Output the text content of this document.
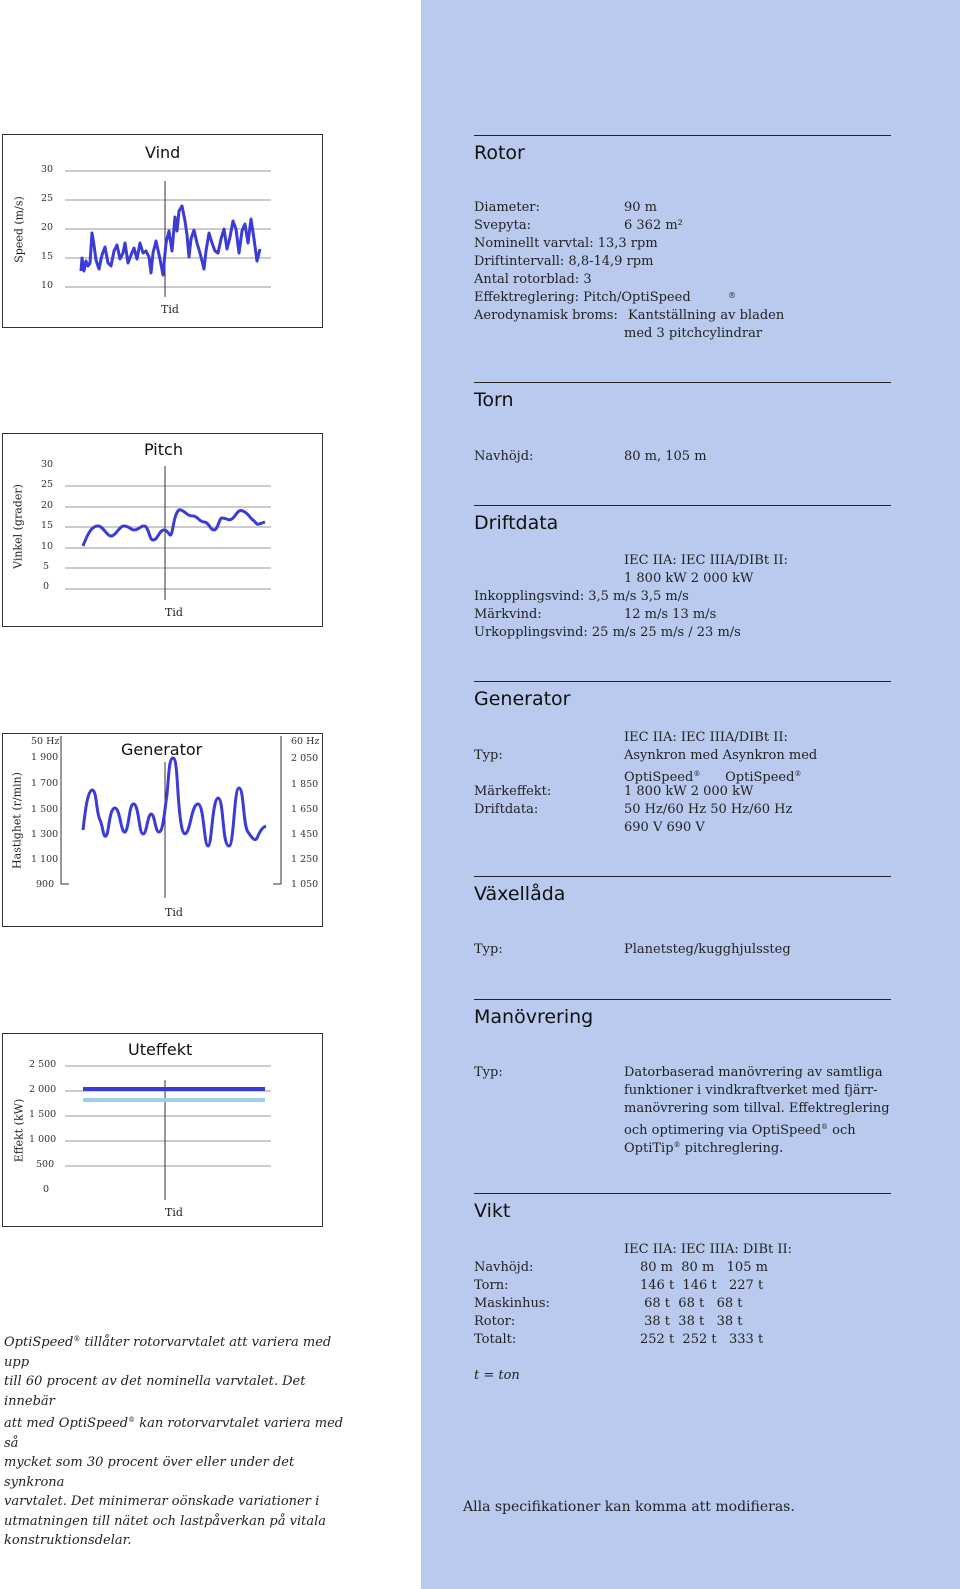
Vind
Speed (m/s)
30
25
20
15
10
Tid
Pitch
Vinkel (grader)
30
25
20
15
10
5
0
Tid
Generator
Hastighet (r/min)
50 Hz
1 900
1 700
1 500
1 300
1 100
900
60 Hz
2 050
1 850
1 650
1 450
1 250
1 050
Tid
Uteffekt
Effekt (kW)
2 500
2 000
1 500
1 000
500
0
Tid
OptiSpeed® tillåter rotorvarvtalet att variera med upp
till 60 procent av det nominella varvtalet. Det innebär
att med OptiSpeed® kan rotorvarvtalet variera med så
mycket som 30 procent över eller under det synkrona
varvtalet. Det minimerar oönskade variationer i
utmatningen till nätet och lastpåverkan på vitala
konstruktionsdelar.
Rotor
Diameter:	90 m
Svepyta:	6 362 m²
Nominellt varvtal: 13,3 rpm
Driftintervall: 8,8-14,9 rpm
Antal rotorblad: 3
Effektreglering: Pitch/OptiSpeed	®
Aerodynamisk broms: Kantställning av bladen
med 3 pitchcylindrar
Torn
Navhöjd:	80 m, 105 m
Driftdata
IEC IIA: IEC IIIA/DIBt II:
1 800 kW 2 000 kW
Inkopplingsvind: 3,5 m/s 3,5 m/s
Märkvind:	12 m/s 13 m/s
Urkopplingsvind: 25 m/s 25 m/s / 23 m/s
Generator
IEC IIA: IEC IIIA/DIBt II:
Typ:	Asynkron med Asynkron med
OptiSpeed® OptiSpeed®
Märkeffekt:	1 800 kW 2 000 kW
Driftdata:	50 Hz/60 Hz 50 Hz/60 Hz
690 V 690 V
Växellåda
Typ:	Planetsteg/kugghjulssteg
Manövrering
Typ:	Datorbaserad manövrering av samtliga
funktioner i vindkraftverket med fjärr-
manövrering som tillval. Effektreglering
och optimering via OptiSpeed® och
OptiTip® pitchreglering.
Vikt
IEC IIA: IEC IIIA: DIBt II:
Navhöjd:	80 m  80 m   105 m
Torn:	146 t  146 t   227 t
Maskinhus:	68 t  68 t   68 t
Rotor:	38 t  38 t   38 t
Totalt:	252 t  252 t   333 t
t = ton
Alla specifikationer kan komma att modifieras.
